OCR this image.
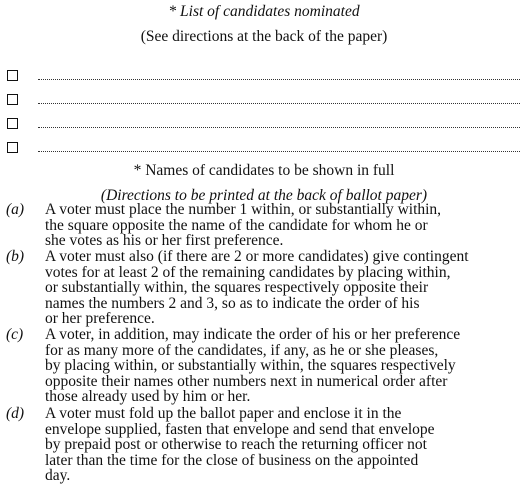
* List of candidates nominated
(See directions at the back of the paper)
* Names of candidates to be shown in full
(Directions to be printed at the back of ballot paper)
(a) A voter must place the number 1 within, or substantially within,
the square opposite the name of the candidate for whom he or
she votes as his or her first preference.
(b) A voter must also (if there are 2 or more candidates) give contingent
votes for at least 2 of the remaining candidates by placing within,
or substantially within, the squares respectively opposite their
names the numbers 2 and 3, so as to indicate the order of his
or her preference.
(c) A voter, in addition, may indicate the order of his or her preference
for as many more of the candidates, if any, as he or she pleases,
by placing within, or substantially within, the squares respectively
opposite their names other numbers next in numerical order after
those already used by him or her.
(d) A voter must fold up the ballot paper and enclose it in the
envelope supplied, fasten that envelope and send that envelope
by prepaid post or otherwise to reach the returning officer not
later than the time for the close of business on the appointed
day.
